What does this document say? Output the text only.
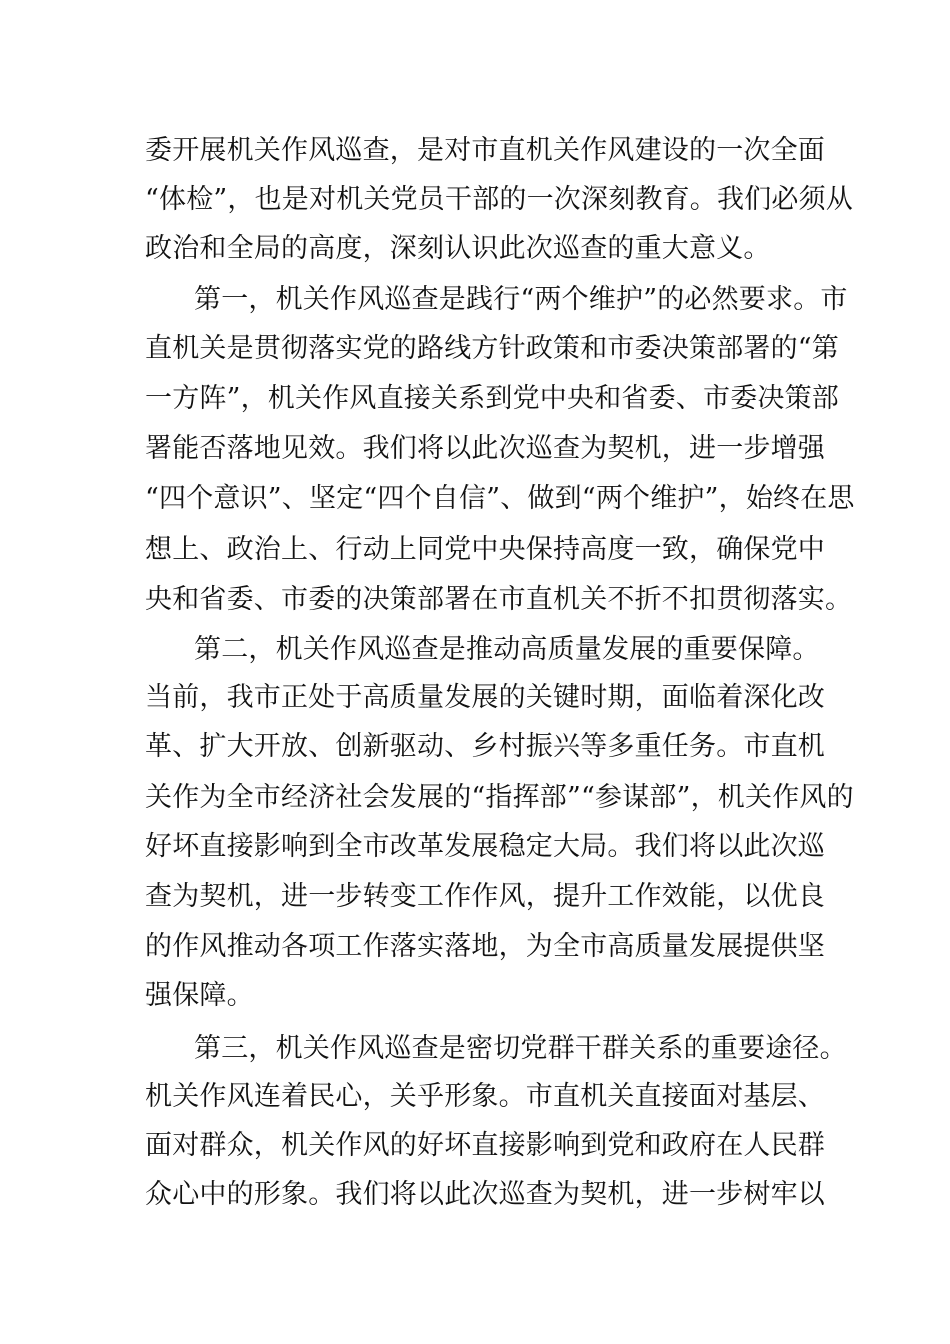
委开展机关作风巡查，是对市直机关作风建设的一次全面
“体检”，也是对机关党员干部的一次深刻教育。我们必须从
政治和全局的高度，深刻认识此次巡查的重大意义。
第一，机关作风巡查是践行“两个维护”的必然要求。市
直机关是贯彻落实党的路线方针政策和市委决策部署的“第
一方阵”，机关作风直接关系到党中央和省委、市委决策部
署能否落地见效。我们将以此次巡查为契机，进一步增强
“四个意识”、坚定“四个自信”、做到“两个维护”，始终在思
想上、政治上、行动上同党中央保持高度一致，确保党中
央和省委、市委的决策部署在市直机关不折不扣贯彻落实。
第二，机关作风巡查是推动高质量发展的重要保障。
当前，我市正处于高质量发展的关键时期，面临着深化改
革、扩大开放、创新驱动、乡村振兴等多重任务。市直机
关作为全市经济社会发展的“指挥部”“参谋部”，机关作风的
好坏直接影响到全市改革发展稳定大局。我们将以此次巡
查为契机，进一步转变工作作风，提升工作效能，以优良
的作风推动各项工作落实落地，为全市高质量发展提供坚
强保障。
第三，机关作风巡查是密切党群干群关系的重要途径。
机关作风连着民心，关乎形象。市直机关直接面对基层、
面对群众，机关作风的好坏直接影响到党和政府在人民群
众心中的形象。我们将以此次巡查为契机，进一步树牢以
